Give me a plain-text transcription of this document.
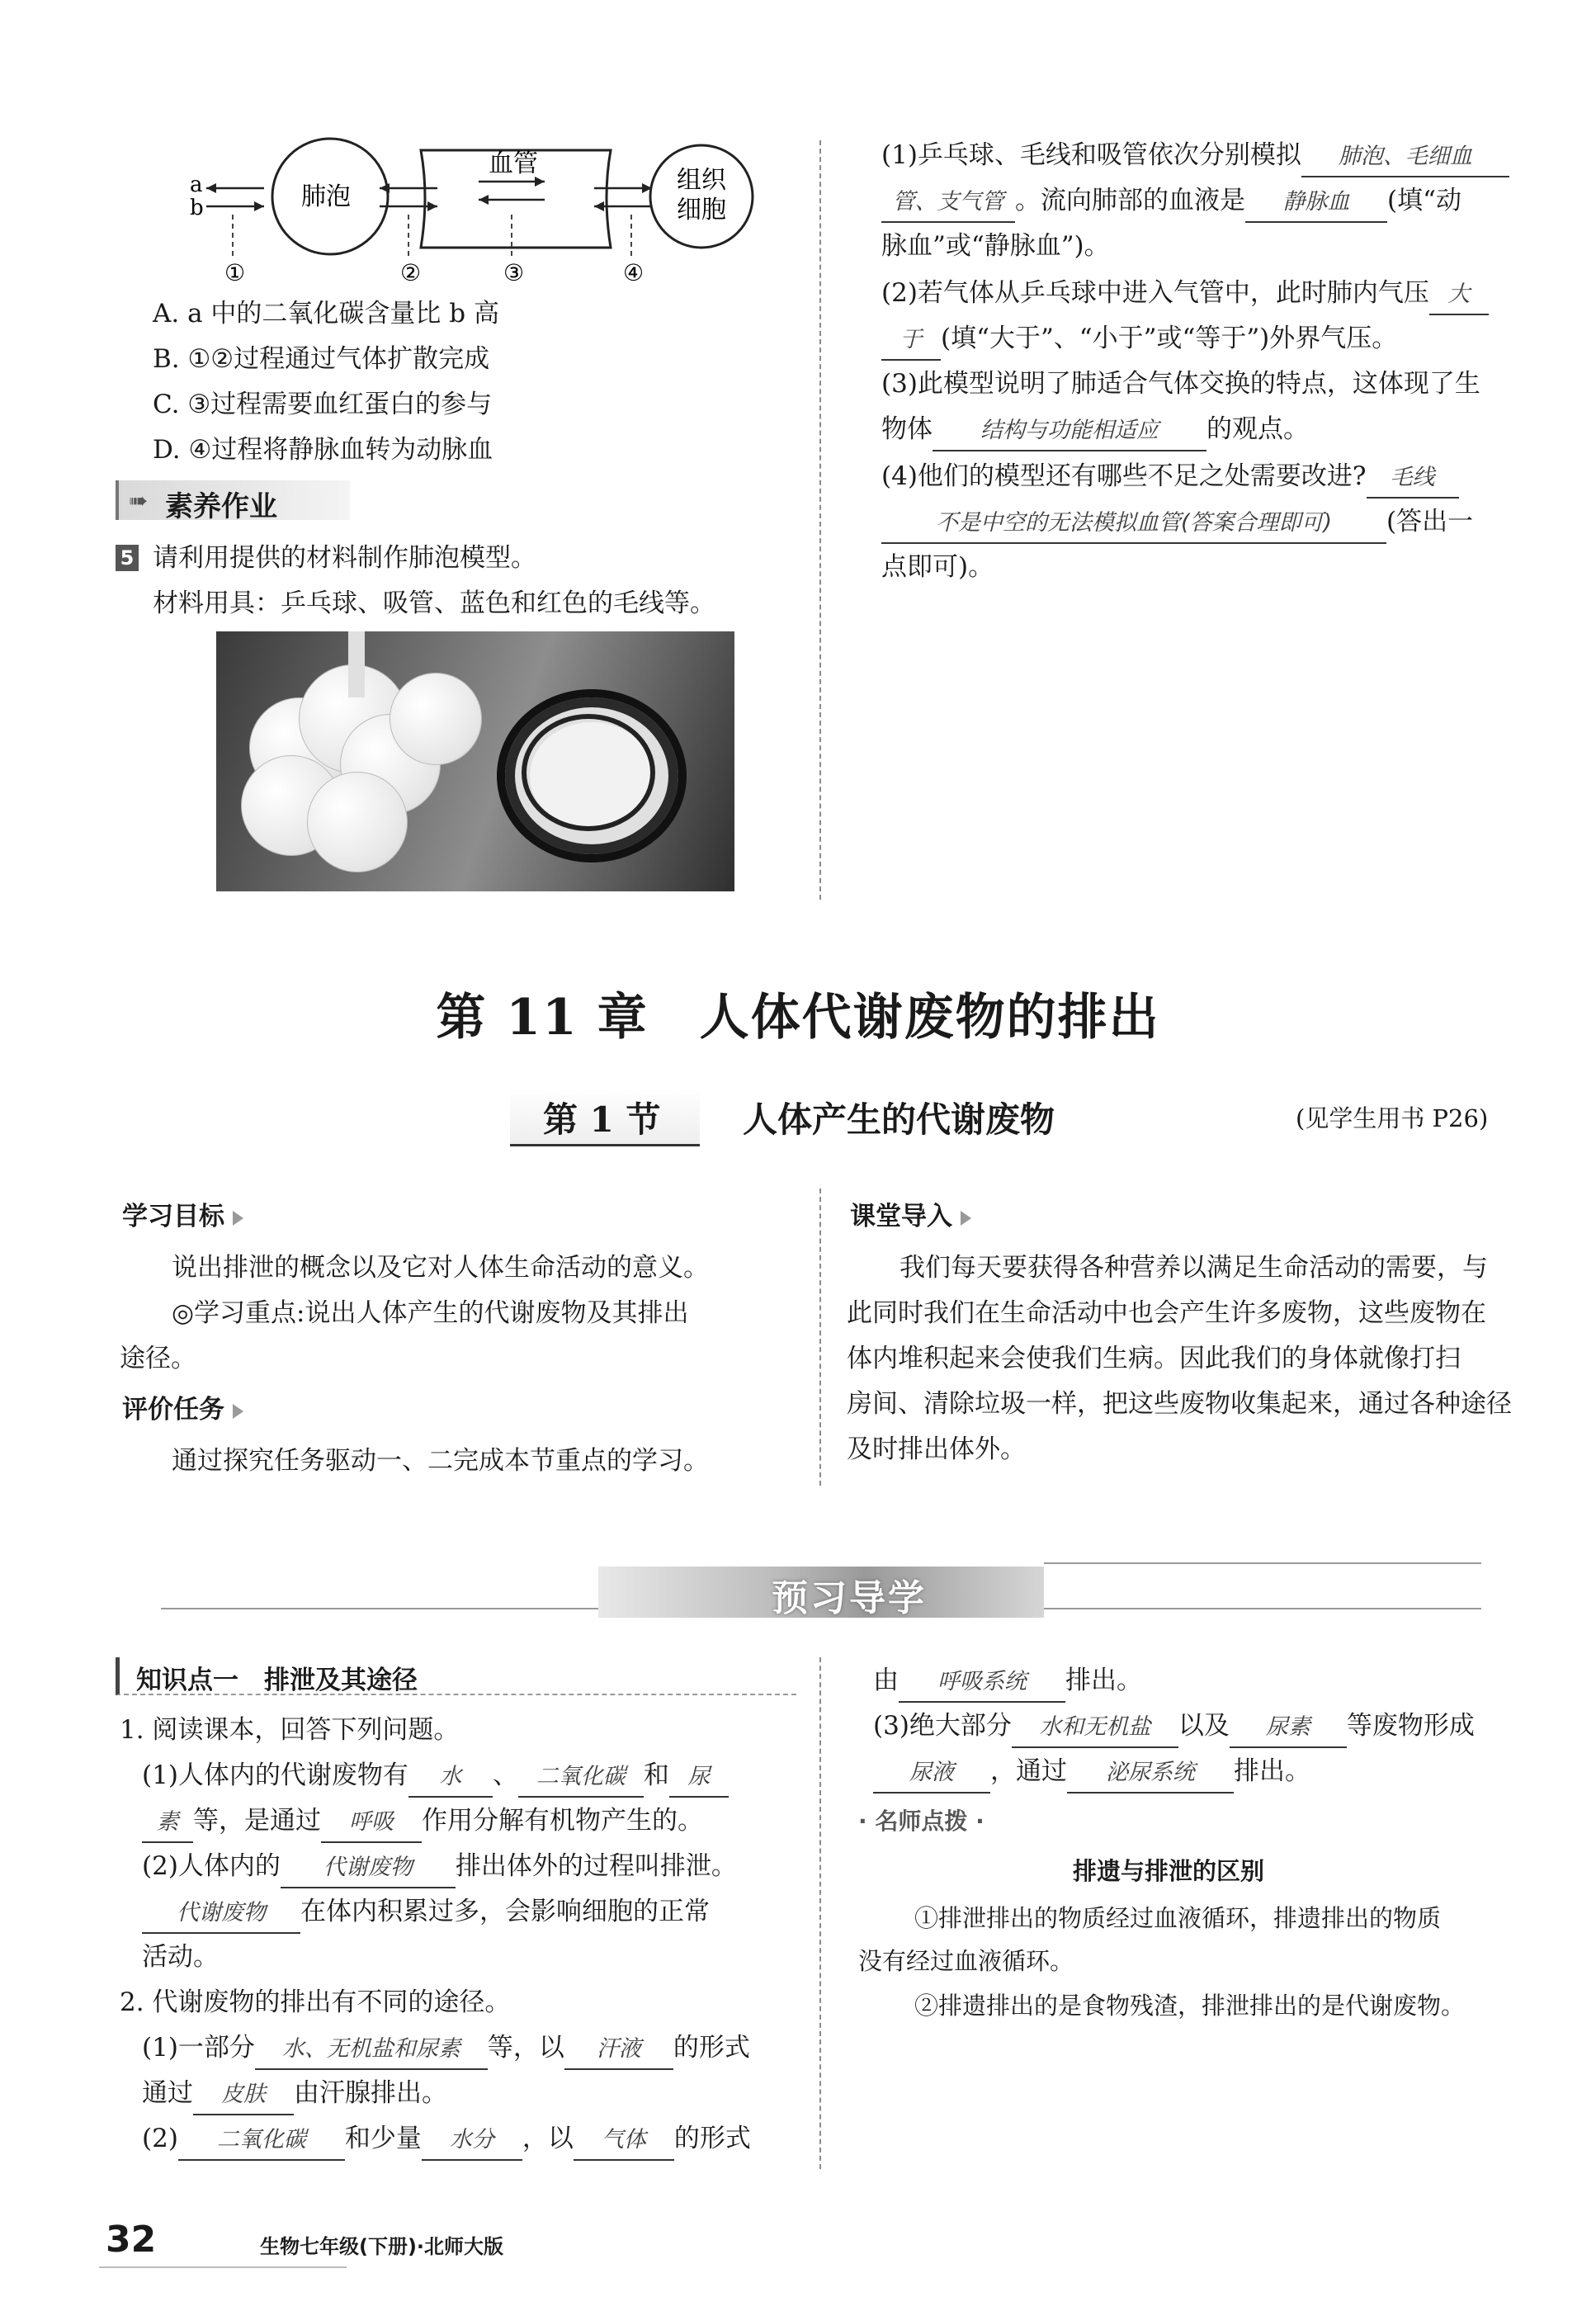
a
b	肺泡
血管
组织
细胞
①	②	③	④
A. a 中的二氧化碳含量比 b 高
B. ①②过程通过气体扩散完成
C. ③过程需要血红蛋白的参与
D. ④过程将静脉血转为动脉血
➠ 素养作业
5 请利用提供的材料制作肺泡模型。
材料用具：乒乓球、吸管、蓝色和红色的毛线等。
(1)乒乓球、毛线和吸管依次分别模拟 肺泡、毛细血
管、支气管 。流向肺部的血液是 静脉血 (填“动
脉血”或“静脉血”)。
(2)若气体从乒乓球中进入气管中，此时肺内气压 大
于 (填“大于”、“小于”或“等于”)外界气压。
(3)此模型说明了肺适合气体交换的特点，这体现了生
物体 结构与功能相适应 的观点。
(4)他们的模型还有哪些不足之处需要改进? 毛线
不是中空的无法模拟血管(答案合理即可) (答出一
点即可)。
第 11 章　人体代谢废物的排出
第 1 节 人体产生的代谢废物	(见学生用书 P26)
学习目标
说出排泄的概念以及它对人体生命活动的意义。
◎学习重点:说出人体产生的代谢废物及其排出
途径。
评价任务
通过探究任务驱动一、二完成本节重点的学习。
课堂导入
我们每天要获得各种营养以满足生命活动的需要，与
此同时我们在生命活动中也会产生许多废物，这些废物在
体内堆积起来会使我们生病。因此我们的身体就像打扫
房间、清除垃圾一样，把这些废物收集起来，通过各种途径
及时排出体外。
预习导学
知识点一　排泄及其途径
1. 阅读课本，回答下列问题。
(1)人体内的代谢废物有 水 、 二氧化碳 和 尿
素 等，是通过 呼吸 作用分解有机物产生的。
(2)人体内的 代谢废物 排出体外的过程叫排泄。
代谢废物 在体内积累过多，会影响细胞的正常
活动。
2. 代谢废物的排出有不同的途径。
(1)一部分 水、无机盐和尿素 等，以 汗液 的形式
通过 皮肤 由汗腺排出。
(2) 二氧化碳 和少量 水分 ，以 气体 的形式
由 呼吸系统 排出。
(3)绝大部分 水和无机盐 以及 尿素 等废物形成
尿液 ，通过 泌尿系统 排出。
· 名师点拨 ·
排遗与排泄的区别
①排泄排出的物质经过血液循环，排遗排出的物质
没有经过血液循环。
②排遗排出的是食物残渣，排泄排出的是代谢废物。
32	生物七年级(下册)·北师大版
